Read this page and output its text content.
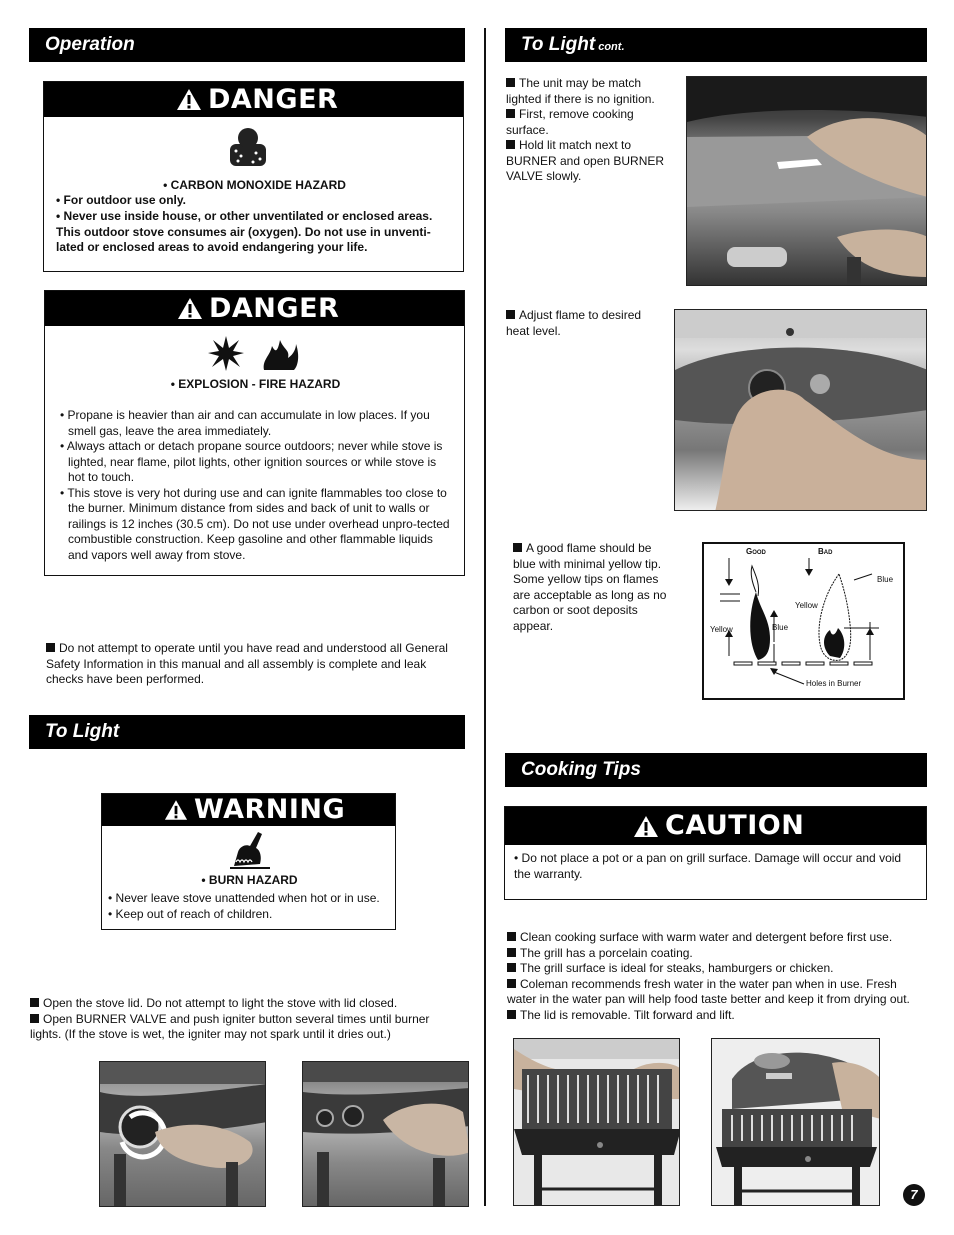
Operation
DANGER
• CARBON MONOXIDE HAZARD
• For outdoor use only.
• Never use inside house, or other unventilated or enclosed areas. This outdoor stove consumes air (oxygen). Do not use in unventi-lated or enclosed areas to avoid endangering your life.
DANGER
• EXPLOSION - FIRE HAZARD
• Propane is heavier than air and can accumulate in low places. If you smell gas, leave the area immediately.
• Always attach or detach propane source outdoors; never while stove is lighted, near flame, pilot lights, other ignition sources or while stove is hot to touch.
• This stove is very hot during use and can ignite flammables too close to the burner. Minimum distance from sides and back of unit to walls or railings is 12 inches (30.5 cm). Do not use under overhead unpro-tected combustible construction. Keep gasoline and other flammable liquids and vapors well away from stove.
Do not attempt to operate until you have read and understood all General Safety Information in this manual and all assembly is complete and leak checks have been performed.
To Light
WARNING
• BURN HAZARD
• Never leave stove unattended when hot or in use.
• Keep out of reach of children.
Open the stove lid. Do not attempt to light the stove with lid closed.
Open BURNER VALVE and push igniter button several times until burner lights. (If the stove is wet, the igniter may not spark until it dries out.)
To Light cont.
The unit may be match lighted if there is no ignition.
First, remove cooking surface.
Hold lit match next to BURNER and open BURNER VALVE slowly.
Adjust flame to desired heat level.
A good flame should be blue with minimal yellow tip. Some yellow tips on flames are acceptable as long as no carbon or soot deposits appear.
Good	Bad
Blue
Yellow
Yellow	Blue
Holes in Burner
Cooking Tips
CAUTION
• Do not place a pot or a pan on grill surface. Damage will occur and void the warranty.
Clean cooking surface with warm water and detergent before first use.
The grill has a porcelain coating.
The grill surface is ideal for steaks, hamburgers or chicken.
Coleman recommends fresh water in the water pan when in use. Fresh water in the water pan will help food taste better and keep it from drying out.
The lid is removable. Tilt forward and lift.
7
